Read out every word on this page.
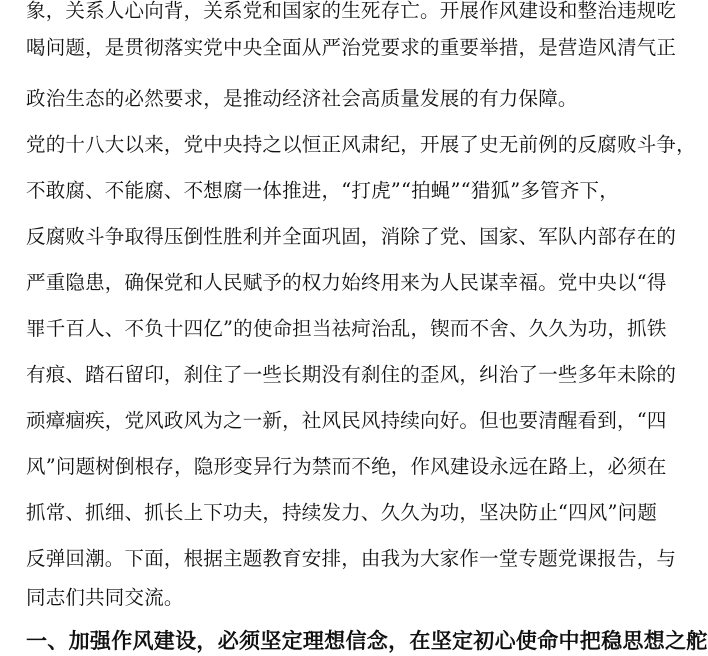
象，关系人心向背，关系党和国家的生死存亡。开展作风建设和整治违规吃
喝问题，是贯彻落实党中央全面从严治党要求的重要举措，是营造风清气正
政治生态的必然要求，是推动经济社会高质量发展的有力保障。
党的十八大以来，党中央持之以恒正风肃纪，开展了史无前例的反腐败斗争，
不敢腐、不能腐、不想腐一体推进，“打虎”“拍蝇”“猎狐”多管齐下，
反腐败斗争取得压倒性胜利并全面巩固，消除了党、国家、军队内部存在的
严重隐患，确保党和人民赋予的权力始终用来为人民谋幸福。党中央以“得
罪千百人、不负十四亿”的使命担当祛疴治乱，锲而不舍、久久为功，抓铁
有痕、踏石留印，刹住了一些长期没有刹住的歪风，纠治了一些多年未除的
顽瘴痼疾，党风政风为之一新，社风民风持续向好。但也要清醒看到，“四
风”问题树倒根存，隐形变异行为禁而不绝，作风建设永远在路上，必须在
抓常、抓细、抓长上下功夫，持续发力、久久为功，坚决防止“四风”问题
反弹回潮。下面，根据主题教育安排，由我为大家作一堂专题党课报告，与
同志们共同交流。
一、加强作风建设，必须坚定理想信念，在坚定初心使命中把稳思想之舵
